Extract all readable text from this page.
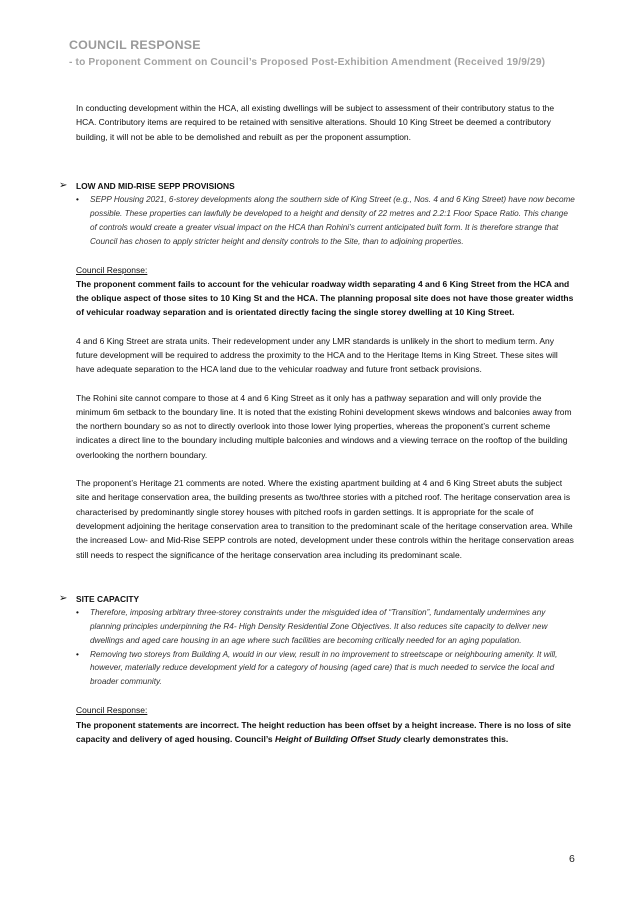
COUNCIL RESPONSE
- to Proponent Comment on Council’s Proposed Post-Exhibition Amendment (Received 19/9/29)

In conducting development within the HCA, all existing dwellings will be subject to assessment of their contributory status to the HCA. Contributory items are required to be retained with sensitive alterations. Should 10 King Street be deemed a contributory building, it will not be able to be demolished and rebuilt as per the proponent assumption.

➢ LOW AND MID-RISE SEPP PROVISIONS
• SEPP Housing 2021, 6-storey developments along the southern side of King Street (e.g., Nos. 4 and 6 King Street) have now become possible. These properties can lawfully be developed to a height and density of 22 metres and 2.2:1 Floor Space Ratio. This change of controls would create a greater visual impact on the HCA than Rohini’s current anticipated built form. It is therefore strange that Council has chosen to apply stricter height and density controls to the Site, than to adjoining properties.

Council Response:

The proponent comment fails to account for the vehicular roadway width separating 4 and 6 King Street from the HCA and the oblique aspect of those sites to 10 King St and the HCA. The planning proposal site does not have those greater widths of vehicular roadway separation and is orientated directly facing the single storey dwelling at 10 King Street.

4 and 6 King Street are strata units. Their redevelopment under any LMR standards is unlikely in the short to medium term. Any future development will be required to address the proximity to the HCA and to the Heritage Items in King Street. These sites will have adequate separation to the HCA land due to the vehicular roadway and future front setback provisions.

The Rohini site cannot compare to those at 4 and 6 King Street as it only has a pathway separation and will only provide the minimum 6m setback to the boundary line. It is noted that the existing Rohini development skews windows and balconies away from the northern boundary so as not to directly overlook into those lower lying properties, whereas the proponent’s current scheme indicates a direct line to the boundary including multiple balconies and windows and a viewing terrace on the rooftop of the building overlooking the northern boundary.

The proponent’s Heritage 21 comments are noted. Where the existing apartment building at 4 and 6 King Street abuts the subject site and heritage conservation area, the building presents as two/three stories with a pitched roof. The heritage conservation area is characterised by predominantly single storey houses with pitched roofs in garden settings. It is appropriate for the scale of development adjoining the heritage conservation area to transition to the predominant scale of the heritage conservation area. While the increased Low- and Mid-Rise SEPP controls are noted, development under these controls within the heritage conservation areas still needs to respect the significance of the heritage conservation area including its predominant scale.

➢ SITE CAPACITY
• Therefore, imposing arbitrary three-storey constraints under the misguided idea of “Transition”, fundamentally undermines any planning principles underpinning the R4- High Density Residential Zone Objectives. It also reduces site capacity to deliver new dwellings and aged care housing in an age where such facilities are becoming critically needed for an aging population.
• Removing two storeys from Building A, would in our view, result in no improvement to streetscape or neighbouring amenity. It will, however, materially reduce development yield for a category of housing (aged care) that is much needed to service the local and broader community.

Council Response:

The proponent statements are incorrect. The height reduction has been offset by a height increase. There is no loss of site capacity and delivery of aged housing. Council’s Height of Building Offset Study clearly demonstrates this.

6
